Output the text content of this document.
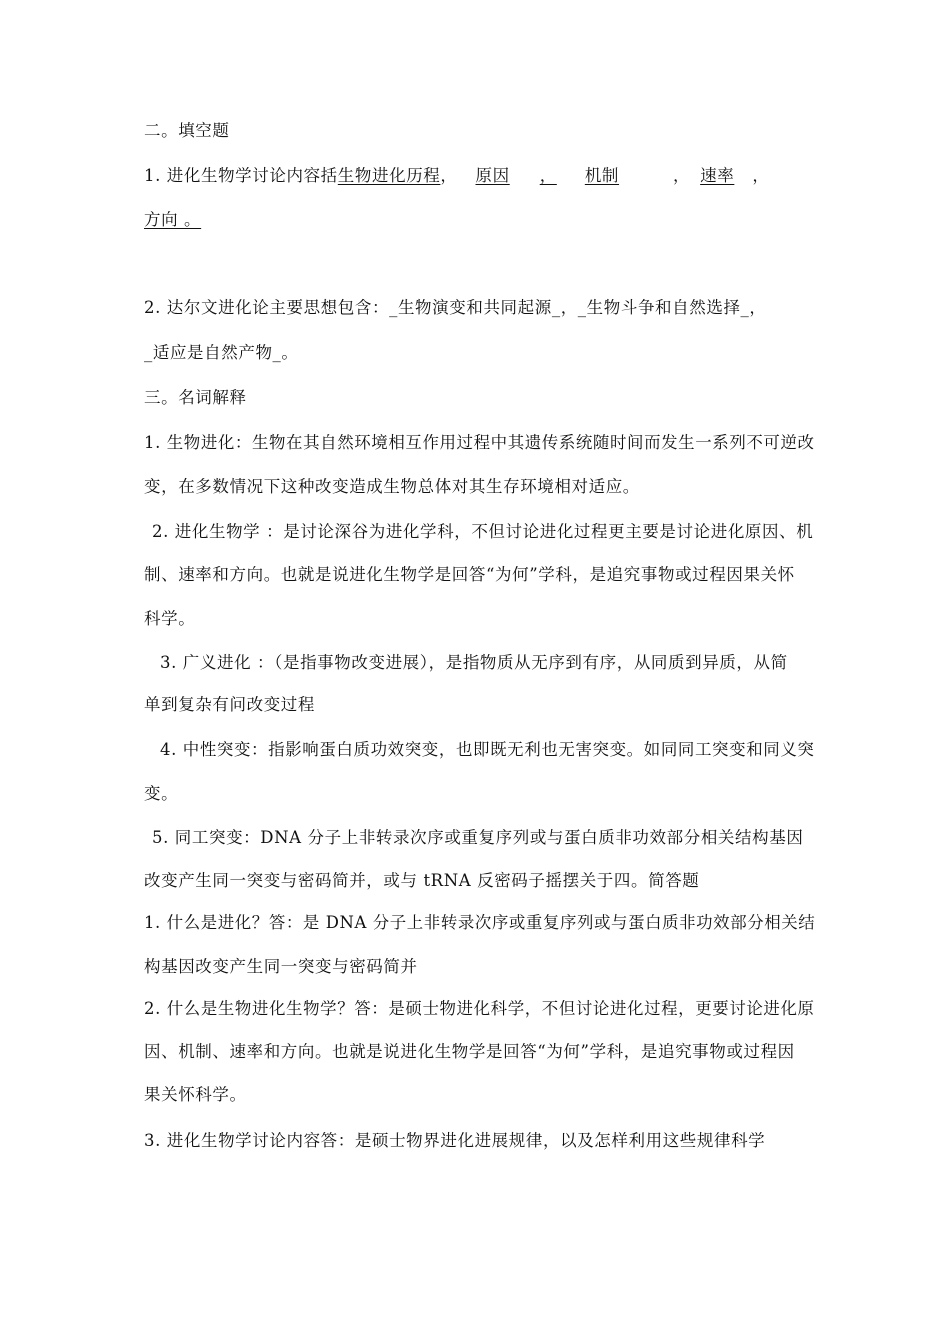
二。填空题
1. 进化生物学讨论内容括生物进化历程， 原因 ， 机制	， 速率 ，
方向 。
2. 达尔文进化论主要思想包含：_生物演变和共同起源_，_生物斗争和自然选择_，
_适应是自然产物_。
三。名词解释
1. 生物进化：生物在其自然环境相互作用过程中其遗传系统随时间而发生一系列不可逆改
变，在多数情况下这种改变造成生物总体对其生存环境相对适应。
2. 进化生物学 ：是讨论深谷为进化学科，不但讨论进化过程更主要是讨论进化原因、机
制、速率和方向。也就是说进化生物学是回答“为何”学科，是追究事物或过程因果关怀
科学。
3. 广义进化 ：（是指事物改变进展），是指物质从无序到有序，从同质到异质，从简
单到复杂有问改变过程
4. 中性突变：指影响蛋白质功效突变，也即既无利也无害突变。如同同工突变和同义突
变。
5. 同工突变：DNA 分子上非转录次序或重复序列或与蛋白质非功效部分相关结构基因
改变产生同一突变与密码简并，或与 tRNA 反密码子摇摆关于四。简答题
1. 什么是进化？答：是 DNA 分子上非转录次序或重复序列或与蛋白质非功效部分相关结
构基因改变产生同一突变与密码简并
2. 什么是生物进化生物学？答：是硕士物进化科学，不但讨论进化过程，更要讨论进化原
因、机制、速率和方向。也就是说进化生物学是回答“为何”学科，是追究事物或过程因
果关怀科学。
3. 进化生物学讨论内容答：是硕士物界进化进展规律，以及怎样利用这些规律科学
